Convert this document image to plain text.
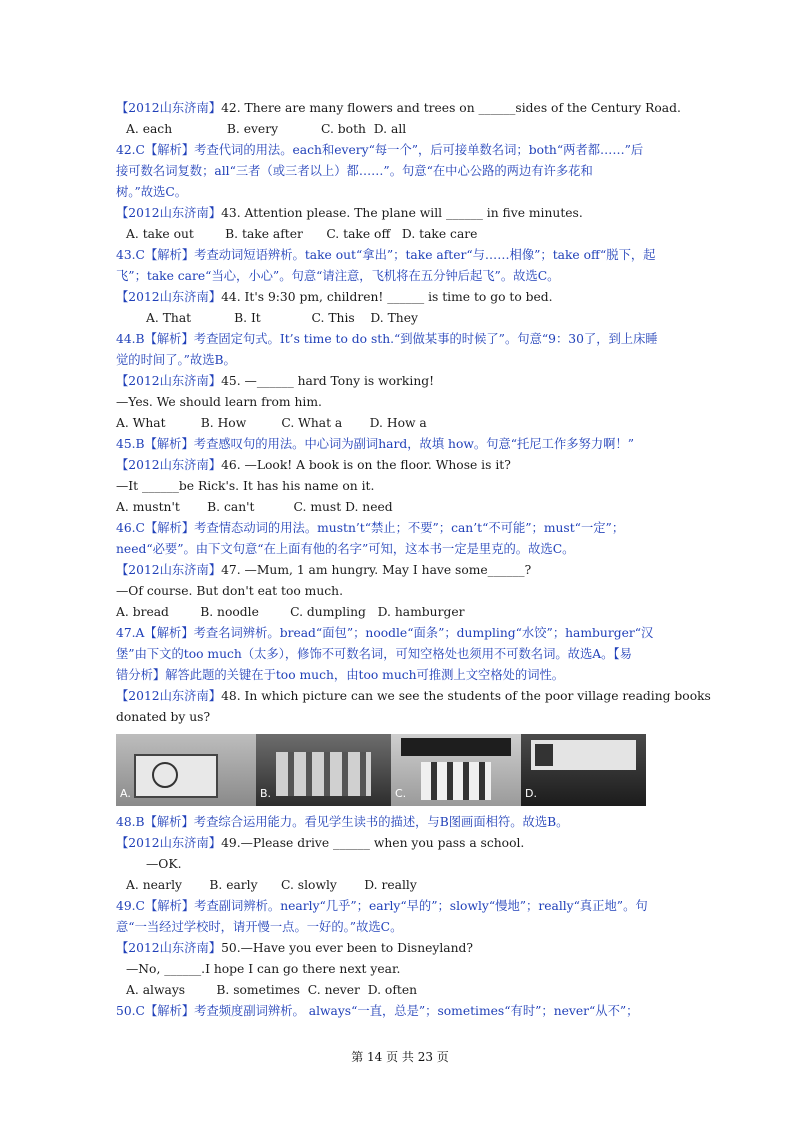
【2012山东济南】42. There are many flowers and trees on ______sides of the Century Road.
A. each              B. every           C. both  D. all
42.C【解析】考查代词的用法。each和every“每一个”，后可接单数名词；both“两者都……”后
接可数名词复数；all“三者（或三者以上）都……”。句意“在中心公路的两边有许多花和
树。”故选C。
【2012山东济南】43. Attention please. The plane will ______ in five minutes.
A. take out        B. take after      C. take off   D. take care
43.C【解析】考查动词短语辨析。take out“拿出”；take after“与……相像”；take off“脱下，起
飞”；take care“当心，小心”。句意“请注意，飞机将在五分钟后起飞”。故选C。
【2012山东济南】44. It's 9:30 pm, children! ______ is time to go to bed.
A. That           B. It             C. This    D. They
44.B【解析】考查固定句式。It’s time to do sth.“到做某事的时候了”。句意“9：30了，到上床睡
觉的时间了。”故选B。
【2012山东济南】45. —______ hard Tony is working!
—Yes. We should learn from him.
A. What         B. How         C. What a       D. How a
45.B【解析】考查感叹句的用法。中心词为副词hard，故填 how。句意“托尼工作多努力啊！”
【2012山东济南】46. —Look! A book is on the floor. Whose is it?
—It ______be Rick's. It has his name on it.
A. mustn't       B. can't          C. must D. need
46.C【解析】考查情态动词的用法。mustn’t“禁止；不要”；can’t“不可能”；must“一定”；
need“必要”。由下文句意“在上面有他的名字”可知，这本书一定是里克的。故选C。
【2012山东济南】47. —Mum, 1 am hungry. May I have some______?
—Of course. But don't eat too much.
A. bread        B. noodle        C. dumpling   D. hamburger
47.A【解析】考查名词辨析。bread“面包”；noodle“面条”；dumpling“水饺”；hamburger“汉
堡”由下文的too much（太多），修饰不可数名词，可知空格处也须用不可数名词。故选A。【易
错分析】解答此题的关键在于too much，由too much可推测上文空格处的词性。
【2012山东济南】48. In which picture can we see the students of the poor village reading books
donated by us?
A.	B.	C.	D.
48.B【解析】考查综合运用能力。看见学生读书的描述，与B图画面相符。故选B。
【2012山东济南】49.—Please drive ______ when you pass a school.
—OK.
A. nearly       B. early      C. slowly       D. really
49.C【解析】考查副词辨析。nearly“几乎”；early“早的”；slowly“慢地”；really“真正地”。句
意“一当经过学校时，请开慢一点。一好的。”故选C。
【2012山东济南】50.—Have you ever been to Disneyland?
—No, ______.I hope I can go there next year.
A. always        B. sometimes  C. never  D. often
50.C【解析】考查频度副词辨析。 always“一直，总是”；sometimes“有时”；never“从不”；
第 14 页 共 23 页
